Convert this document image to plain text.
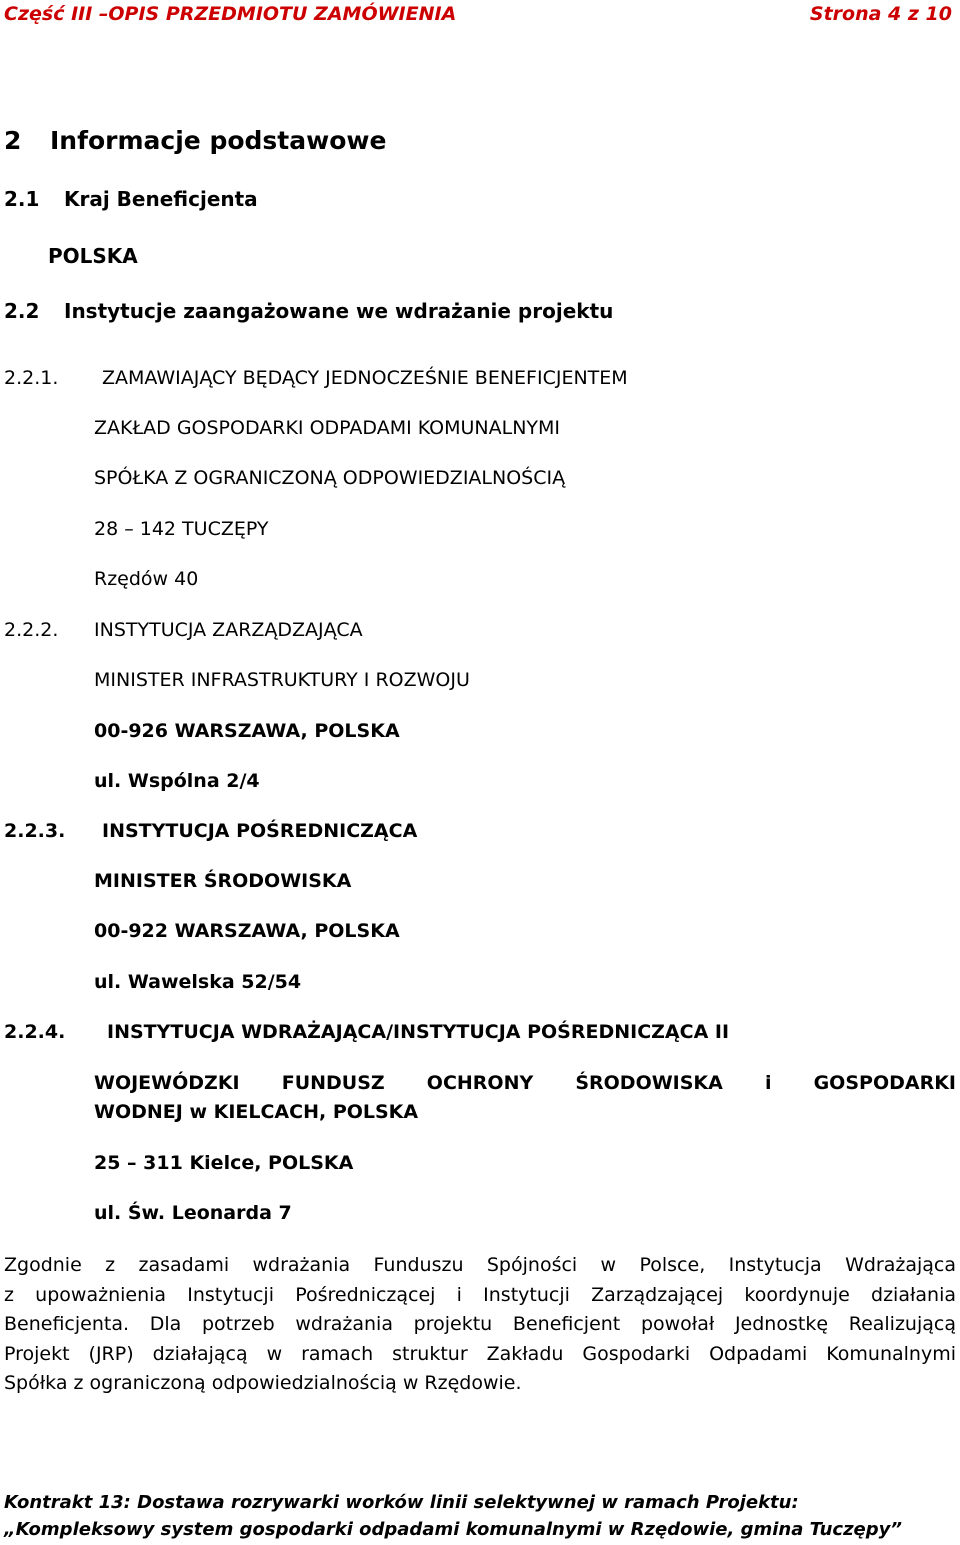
Część III –OPIS PRZEDMIOTU ZAMÓWIENIA	Strona 4 z 10
2 Informacje podstawowe
2.1 Kraj Beneficjenta
POLSKA
2.2 Instytucje zaangażowane we wdrażanie projektu
2.2.1. ZAMAWIAJĄCY BĘDĄCY JEDNOCZEŚNIE BENEFICJENTEM
ZAKŁAD GOSPODARKI ODPADAMI KOMUNALNYMI
SPÓŁKA Z OGRANICZONĄ ODPOWIEDZIALNOŚCIĄ
28 – 142 TUCZĘPY
Rzędów 40
2.2.2. INSTYTUCJA ZARZĄDZAJĄCA
MINISTER INFRASTRUKTURY I ROZWOJU
00-926 WARSZAWA, POLSKA
ul. Wspólna 2/4
2.2.3. INSTYTUCJA POŚREDNICZĄCA
MINISTER ŚRODOWISKA
00-922 WARSZAWA, POLSKA
ul. Wawelska 52/54
2.2.4. INSTYTUCJA WDRAŻAJĄCA/INSTYTUCJA POŚREDNICZĄCA II
WOJEWÓDZKI FUNDUSZ OCHRONY ŚRODOWISKA i GOSPODARKI
WODNEJ w KIELCACH, POLSKA
25 – 311 Kielce, POLSKA
ul. Św. Leonarda 7
Zgodnie z zasadami wdrażania Funduszu Spójności w Polsce, Instytucja Wdrażająca
z upoważnienia Instytucji Pośredniczącej i Instytucji Zarządzającej koordynuje działania
Beneficjenta. Dla potrzeb wdrażania projektu Beneficjent powołał Jednostkę Realizującą
Projekt (JRP) działającą w ramach struktur Zakładu Gospodarki Odpadami Komunalnymi
Spółka z ograniczoną odpowiedzialnością w Rzędowie.
Kontrakt 13: Dostawa rozrywarki worków linii selektywnej w ramach Projektu:
„Kompleksowy system gospodarki odpadami komunalnymi w Rzędowie, gmina Tuczępy”
